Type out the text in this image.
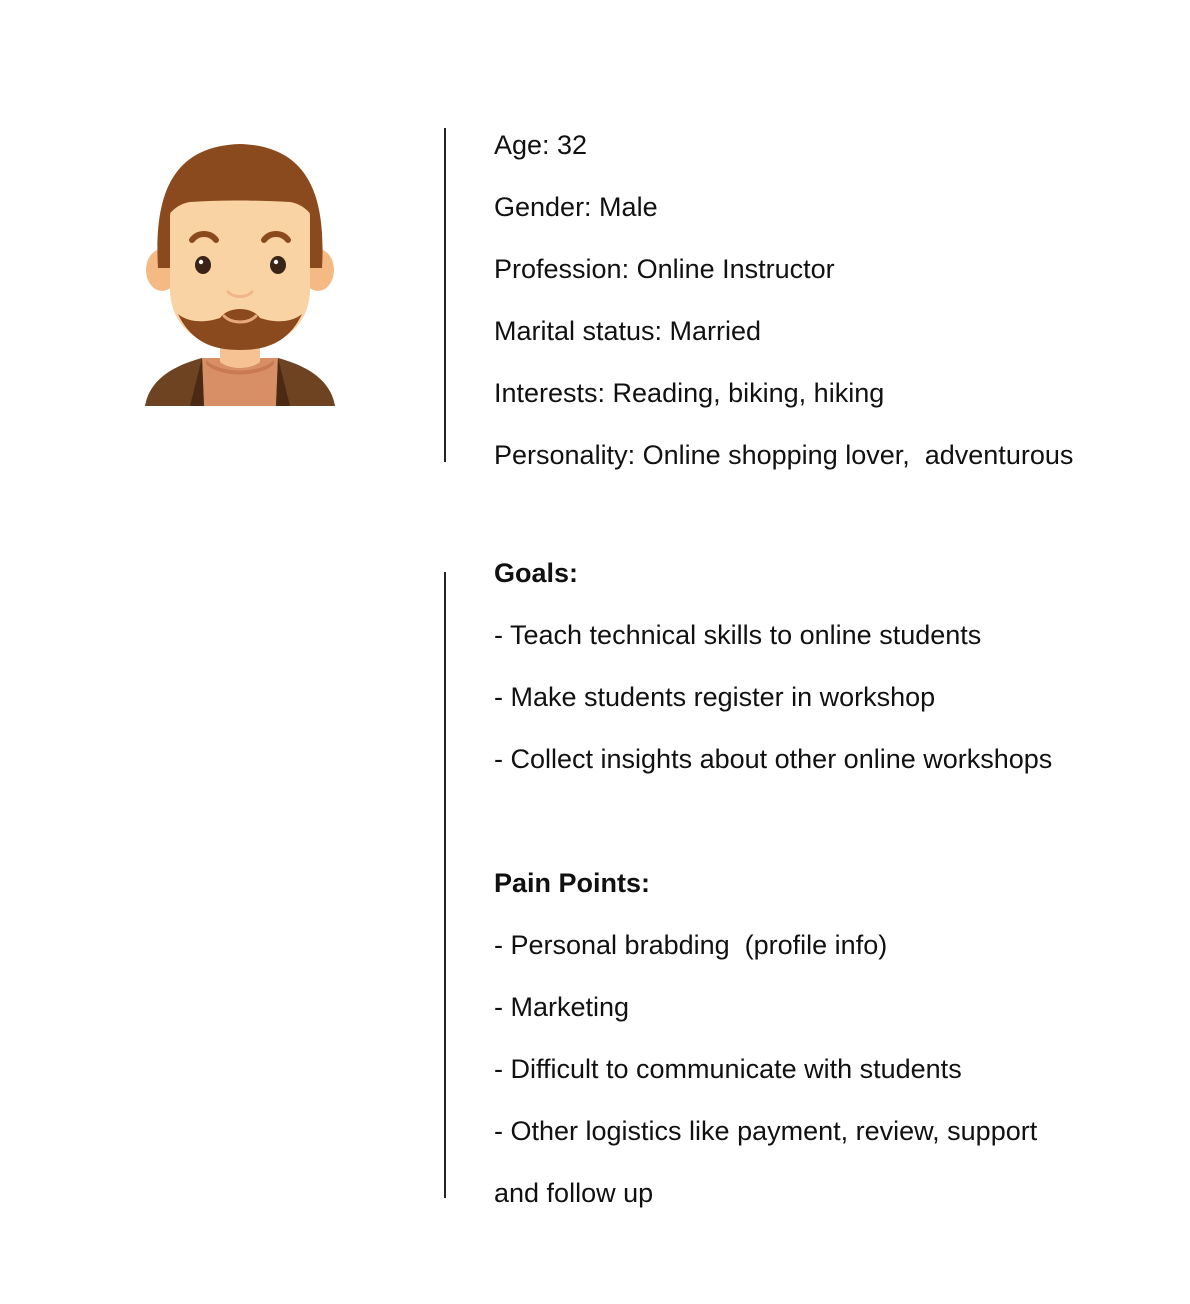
Age: 32
Gender: Male
Profession: Online Instructor
Marital status: Married
Interests: Reading, biking, hiking
Personality: Online shopping lover,  adventurous
Goals:
- Teach technical skills to online students
- Make students register in workshop
- Collect insights about other online workshops
Pain Points:
- Personal brabding  (profile info)
- Marketing
- Difficult to communicate with students
- Other logistics like payment, review, support
and follow up
